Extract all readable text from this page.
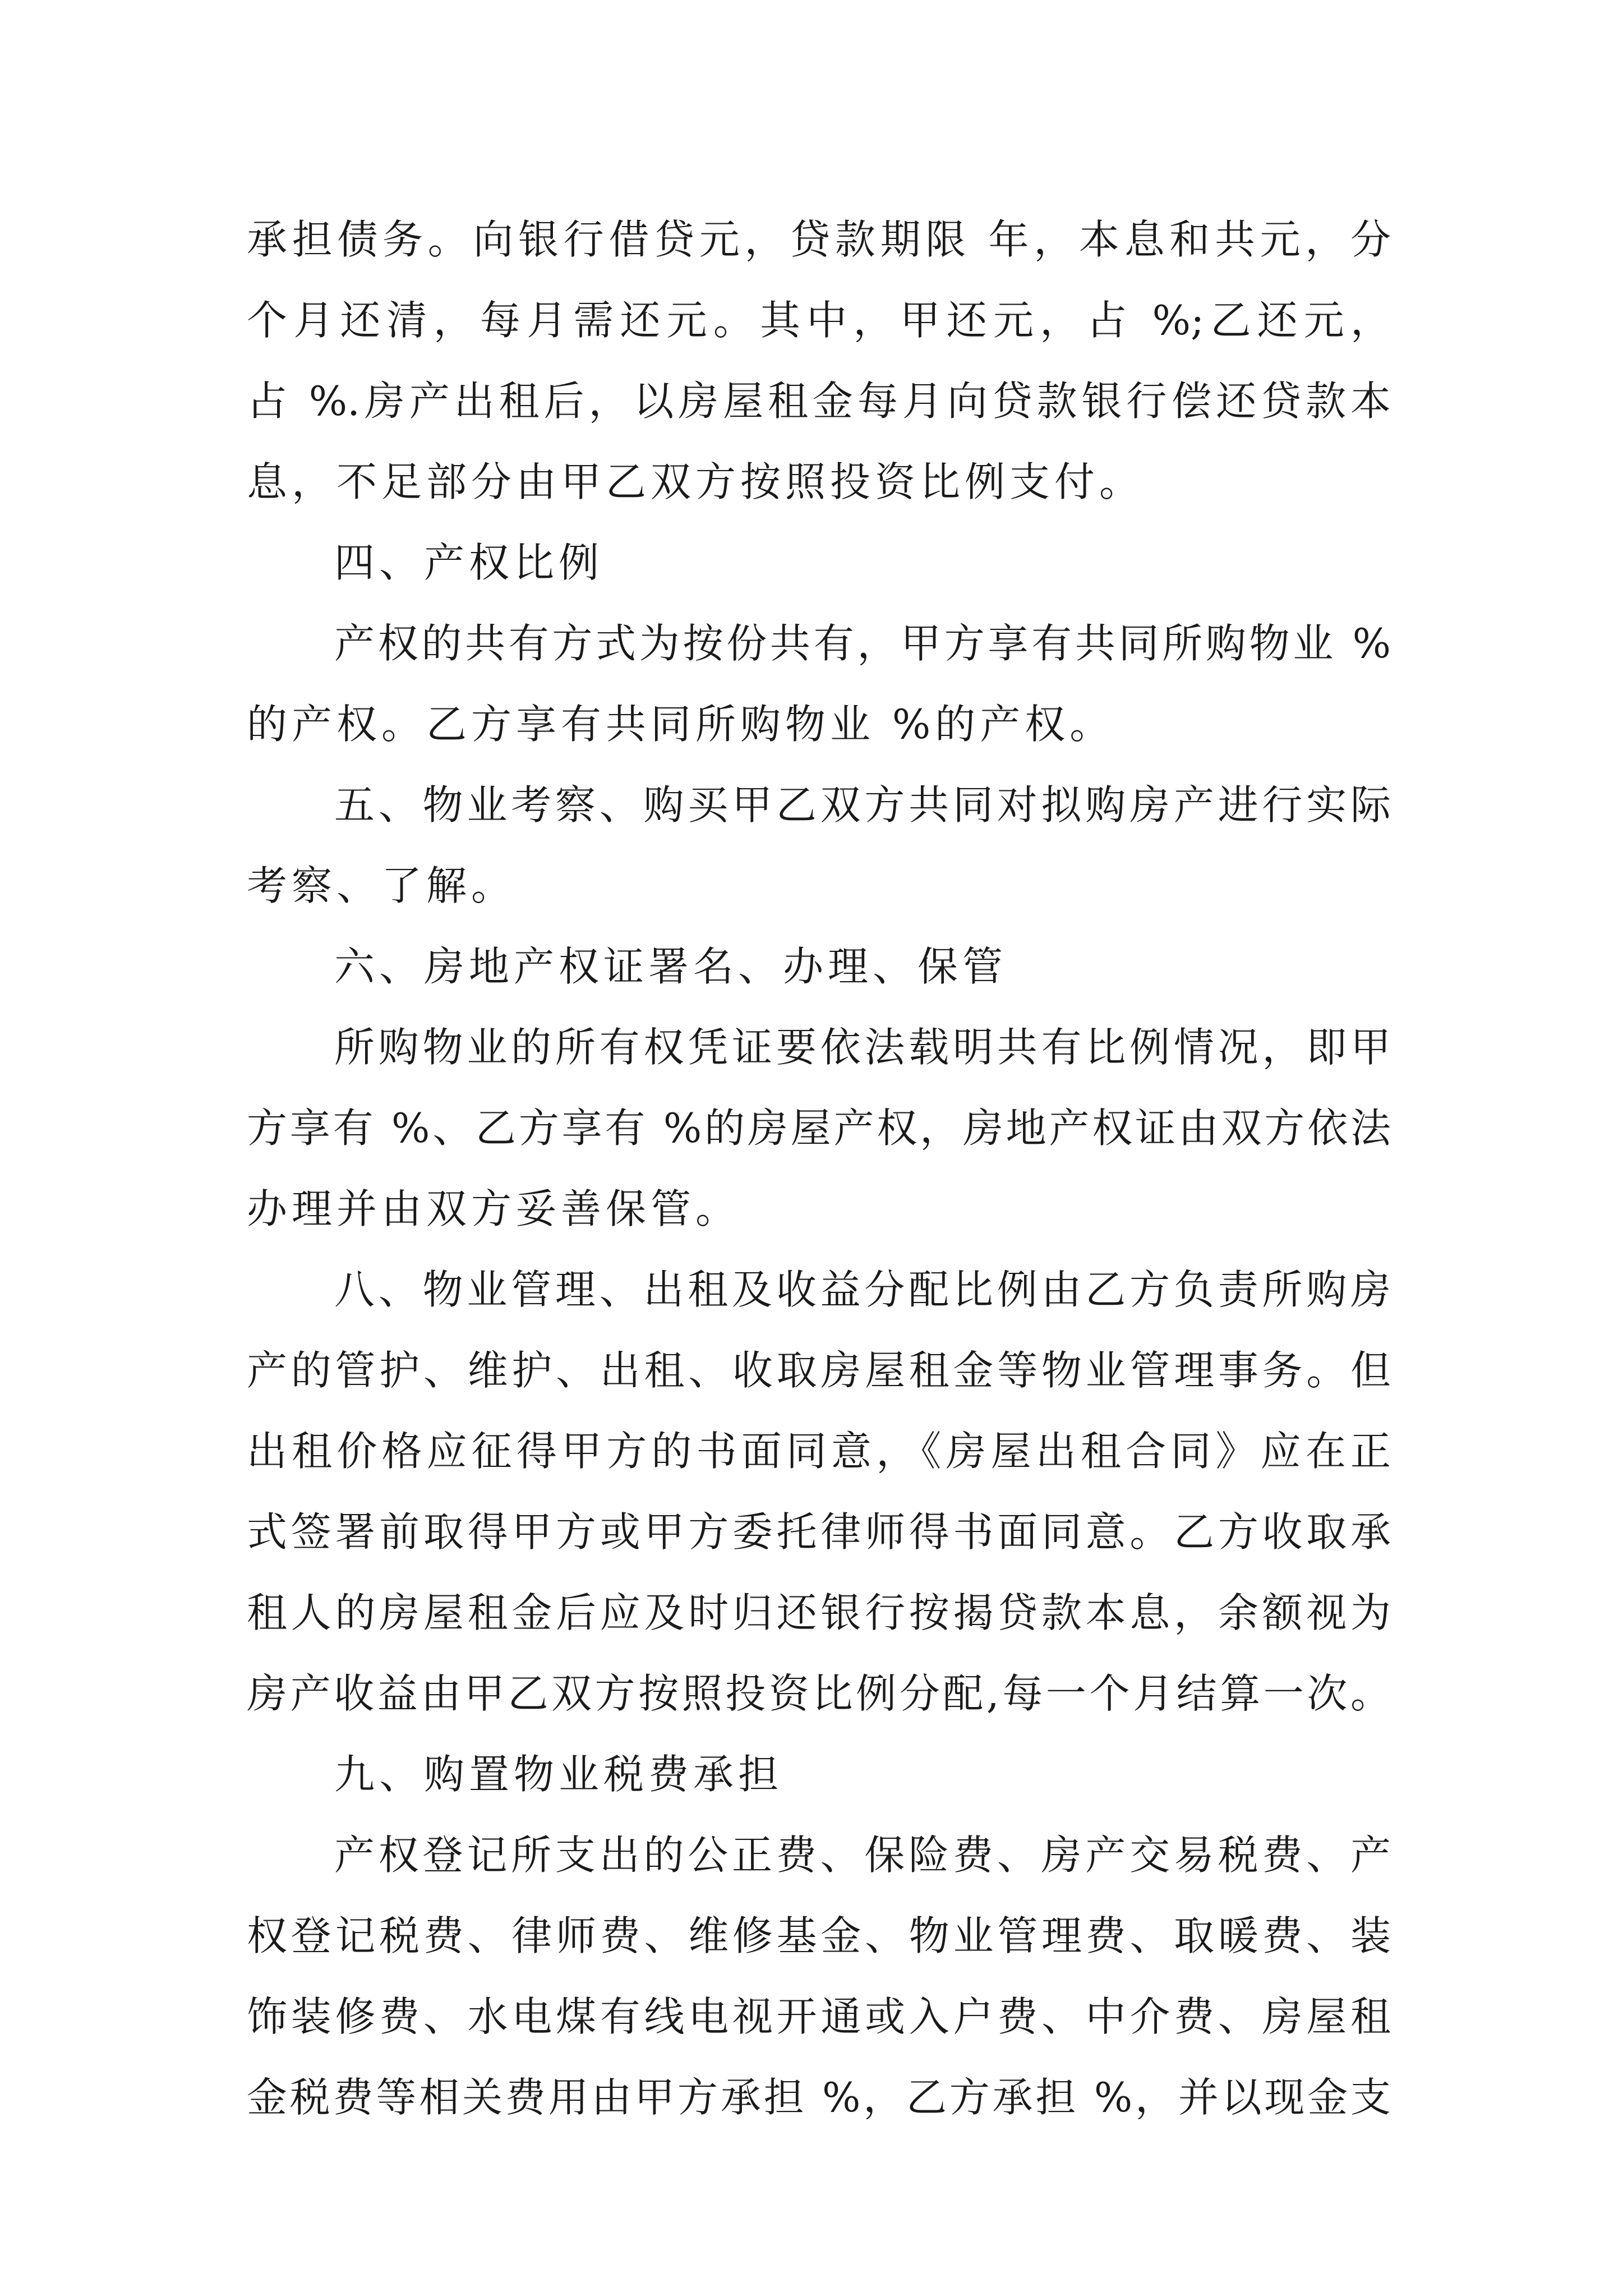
承担债务。向银行借贷元，贷款期限 年，本息和共元，分

个月还清，每月需还元。其中，甲还元，占 %;乙还元，

占 %.房产出租后，以房屋租金每月向贷款银行偿还贷款本

息，不足部分由甲乙双方按照投资比例支付。

四、产权比例

产权的共有方式为按份共有，甲方享有共同所购物业 %

的产权。乙方享有共同所购物业 %的产权。

五、物业考察、购买甲乙双方共同对拟购房产进行实际

考察、了解。

六、房地产权证署名、办理、保管

所购物业的所有权凭证要依法载明共有比例情况，即甲

方享有 %、乙方享有 %的房屋产权，房地产权证由双方依法

办理并由双方妥善保管。

八、物业管理、出租及收益分配比例由乙方负责所购房

产的管护、维护、出租、收取房屋租金等物业管理事务。但

出租价格应征得甲方的书面同意，《房屋出租合同》应在正

式签署前取得甲方或甲方委托律师得书面同意。乙方收取承

租人的房屋租金后应及时归还银行按揭贷款本息，余额视为

房产收益由甲乙双方按照投资比例分配,每一个月结算一次。

九、购置物业税费承担

产权登记所支出的公正费、保险费、房产交易税费、产

权登记税费、律师费、维修基金、物业管理费、取暖费、装

饰装修费、水电煤有线电视开通或入户费、中介费、房屋租

金税费等相关费用由甲方承担 %，乙方承担 %，并以现金支
